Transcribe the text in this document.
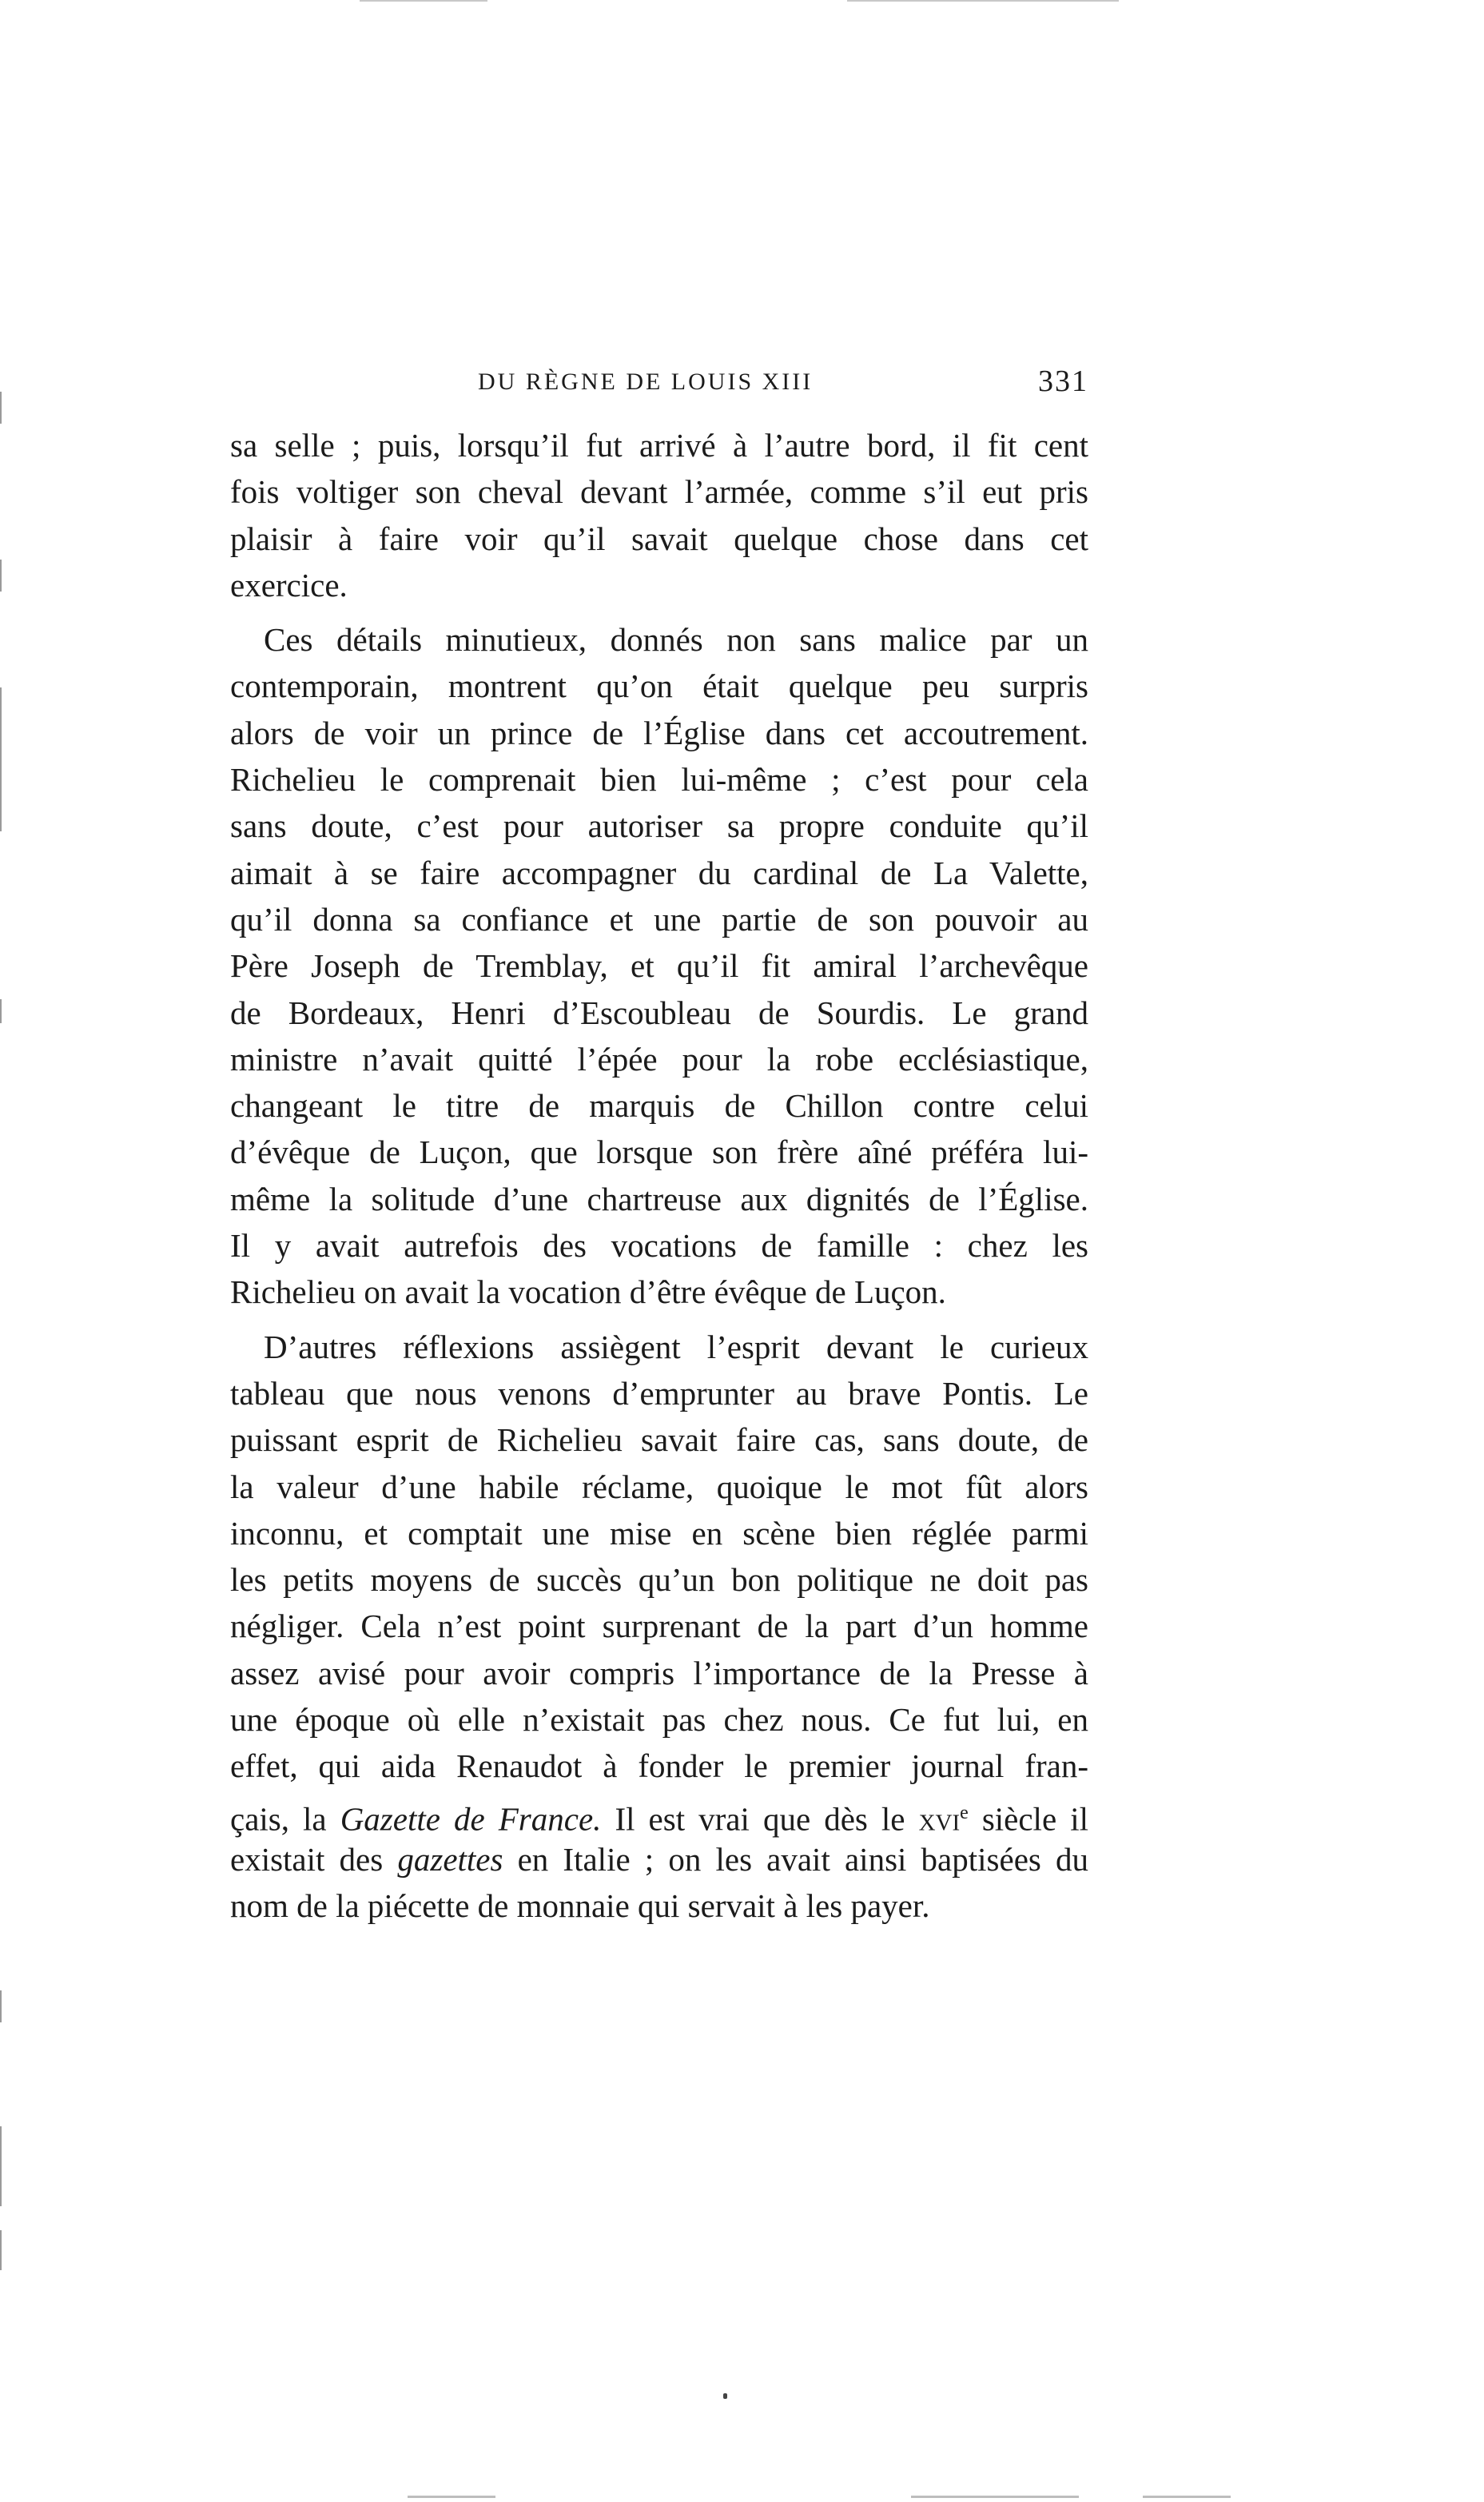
DU RÈGNE DE LOUIS XIII	331
sa selle ; puis, lorsqu’il fut arrivé à l’autre bord, il fit cent
fois voltiger son cheval devant l’armée, comme s’il eut pris
plaisir à faire voir qu’il savait quelque chose dans cet
exercice.
Ces détails minutieux, donnés non sans malice par un
contemporain, montrent qu’on était quelque peu surpris
alors de voir un prince de l’Église dans cet accoutrement.
Richelieu le comprenait bien lui-même ; c’est pour cela
sans doute, c’est pour autoriser sa propre conduite qu’il
aimait à se faire accompagner du cardinal de La Valette,
qu’il donna sa confiance et une partie de son pouvoir au
Père Joseph de Tremblay, et qu’il fit amiral l’archevêque
de Bordeaux, Henri d’Escoubleau de Sourdis. Le grand
ministre n’avait quitté l’épée pour la robe ecclésiastique,
changeant le titre de marquis de Chillon contre celui
d’évêque de Luçon, que lorsque son frère aîné préféra lui-
même la solitude d’une chartreuse aux dignités de l’Église.
Il y avait autrefois des vocations de famille : chez les
Richelieu on avait la vocation d’être évêque de Luçon.
D’autres réflexions assiègent l’esprit devant le curieux
tableau que nous venons d’emprunter au brave Pontis. Le
puissant esprit de Richelieu savait faire cas, sans doute, de
la valeur d’une habile réclame, quoique le mot fût alors
inconnu, et comptait une mise en scène bien réglée parmi
les petits moyens de succès qu’un bon politique ne doit pas
négliger. Cela n’est point surprenant de la part d’un homme
assez avisé pour avoir compris l’importance de la Presse à
une époque où elle n’existait pas chez nous. Ce fut lui, en
effet, qui aida Renaudot à fonder le premier journal fran-
çais, la Gazette de France. Il est vrai que dès le xvi$^e$ siècle il
existait des gazettes en Italie ; on les avait ainsi baptisées du
nom de la piécette de monnaie qui servait à les payer.
